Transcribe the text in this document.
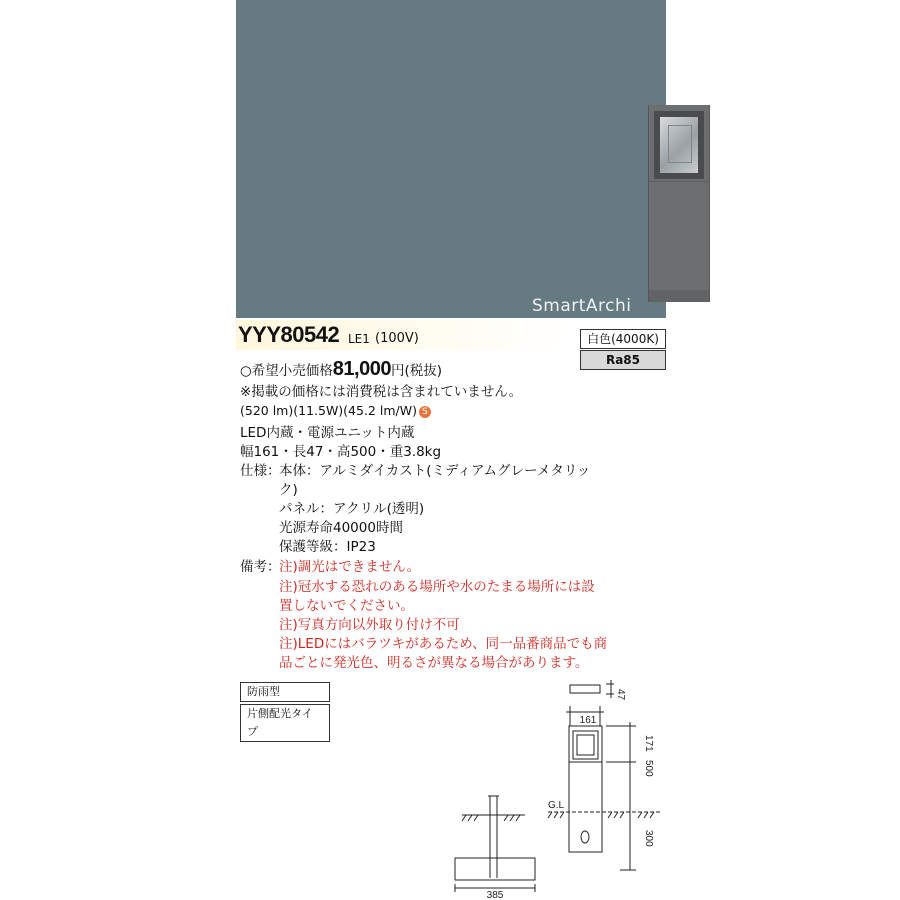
SmartArchi
YYY80542 LE1 (100V)	白色(4000K)
Ra85
○希望小売価格81,000円(税抜)
※掲載の価格には消費税は含まれていません。
(520 lm)(11.5W)(45.2 lm/W) S
LED内蔵・電源ユニット内蔵
幅161・長47・高500・重3.8kg
仕様：
本体：アルミダイカスト(ミディアムグレーメタリッ
ク)
パネル：アクリル(透明)
光源寿命40000時間
保護等級：IP23
備考：
注)調光はできません。
注)冠水する恐れのある場所や水のたまる場所には設
置しないでください。
注)写真方向以外取り付け不可
注)LEDにはバラツキがあるため、同一品番商品でも商
品ごとに発光色、明るさが異なる場合があります。
防雨型
片側配光タイプ
161
47
171
500
300
G.L
385
